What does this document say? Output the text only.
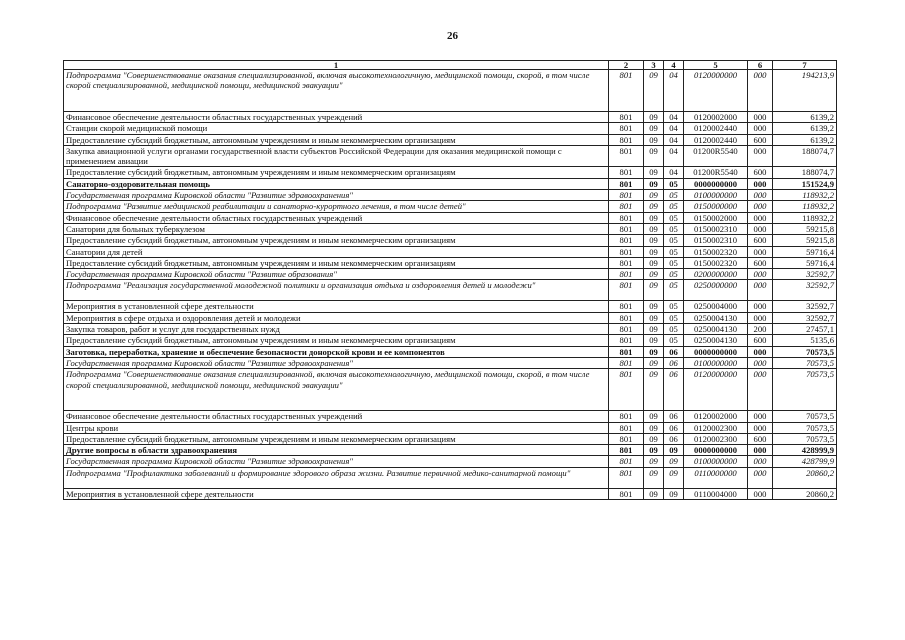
26
1	2	3	4	5	6	7
Подпрограмма "Совершенствование оказания специализированной, включая высокотехнологичную, медицинской помощи, скорой, в том числе скорой специализированной, медицинской помощи, медицинской эвакуации"	801	09	04	0120000000	000	194213,9
Финансовое обеспечение деятельности областных государственных учреждений	801	09	04	0120002000	000	6139,2
Станции скорой медицинской помощи	801	09	04	0120002440	000	6139,2
Предоставление субсидий бюджетным, автономным учреждениям и иным некоммерческим организациям	801	09	04	0120002440	600	6139,2
Закупка авиационной услуги органами государственной власти субъектов Российской Федерации для оказания медицинской помощи с применением авиации	801	09	04	01200R5540	000	188074,7
Предоставление субсидий бюджетным, автономным учреждениям и иным некоммерческим организациям	801	09	04	01200R5540	600	188074,7
Санаторно-оздоровительная помощь	801	09	05	0000000000	000	151524,9
Государственная программа Кировской области "Развитие здравоохранения"	801	09	05	0100000000	000	118932,2
Подпрограмма "Развитие медицинской реабилитации и санаторно-курортного лечения, в том числе детей"	801	09	05	0150000000	000	118932,2
Финансовое обеспечение деятельности областных государственных учреждений	801	09	05	0150002000	000	118932,2
Санатории для больных туберкулезом	801	09	05	0150002310	000	59215,8
Предоставление субсидий бюджетным, автономным учреждениям и иным некоммерческим организациям	801	09	05	0150002310	600	59215,8
Санатории для детей	801	09	05	0150002320	000	59716,4
Предоставление субсидий бюджетным, автономным учреждениям и иным некоммерческим организациям	801	09	05	0150002320	600	59716,4
Государственная программа Кировской области "Развитие образования"	801	09	05	0200000000	000	32592,7
Подпрограмма "Реализация государственной молодежной политики и организация отдыха и оздоровления детей и молодежи"	801	09	05	0250000000	000	32592,7
Мероприятия в установленной сфере деятельности	801	09	05	0250004000	000	32592,7
Мероприятия в сфере отдыха и оздоровления детей и молодежи	801	09	05	0250004130	000	32592,7
Закупка товаров, работ и услуг для государственных нужд	801	09	05	0250004130	200	27457,1
Предоставление субсидий бюджетным, автономным учреждениям и иным некоммерческим организациям	801	09	05	0250004130	600	5135,6
Заготовка, переработка, хранение и обеспечение безопасности донорской крови и ее компонентов	801	09	06	0000000000	000	70573,5
Государственная программа Кировской области "Развитие здравоохранения"	801	09	06	0100000000	000	70573,5
Подпрограмма "Совершенствование оказания специализированной, включая высокотехнологичную, медицинской помощи, скорой, в том числе скорой специализированной, медицинской помощи, медицинской эвакуации"	801	09	06	0120000000	000	70573,5
Финансовое обеспечение деятельности областных государственных учреждений	801	09	06	0120002000	000	70573,5
Центры крови	801	09	06	0120002300	000	70573,5
Предоставление субсидий бюджетным, автономным учреждениям и иным некоммерческим организациям	801	09	06	0120002300	600	70573,5
Другие вопросы в области здравоохранения	801	09	09	0000000000	000	428999,9
Государственная программа Кировской области "Развитие здравоохранения"	801	09	09	0100000000	000	428799,9
Подпрограмма "Профилактика заболеваний и формирование здорового образа жизни. Развитие первичной медико-санитарной помощи"	801	09	09	0110000000	000	20860,2
Мероприятия в установленной сфере деятельности	801	09	09	0110004000	000	20860,2
